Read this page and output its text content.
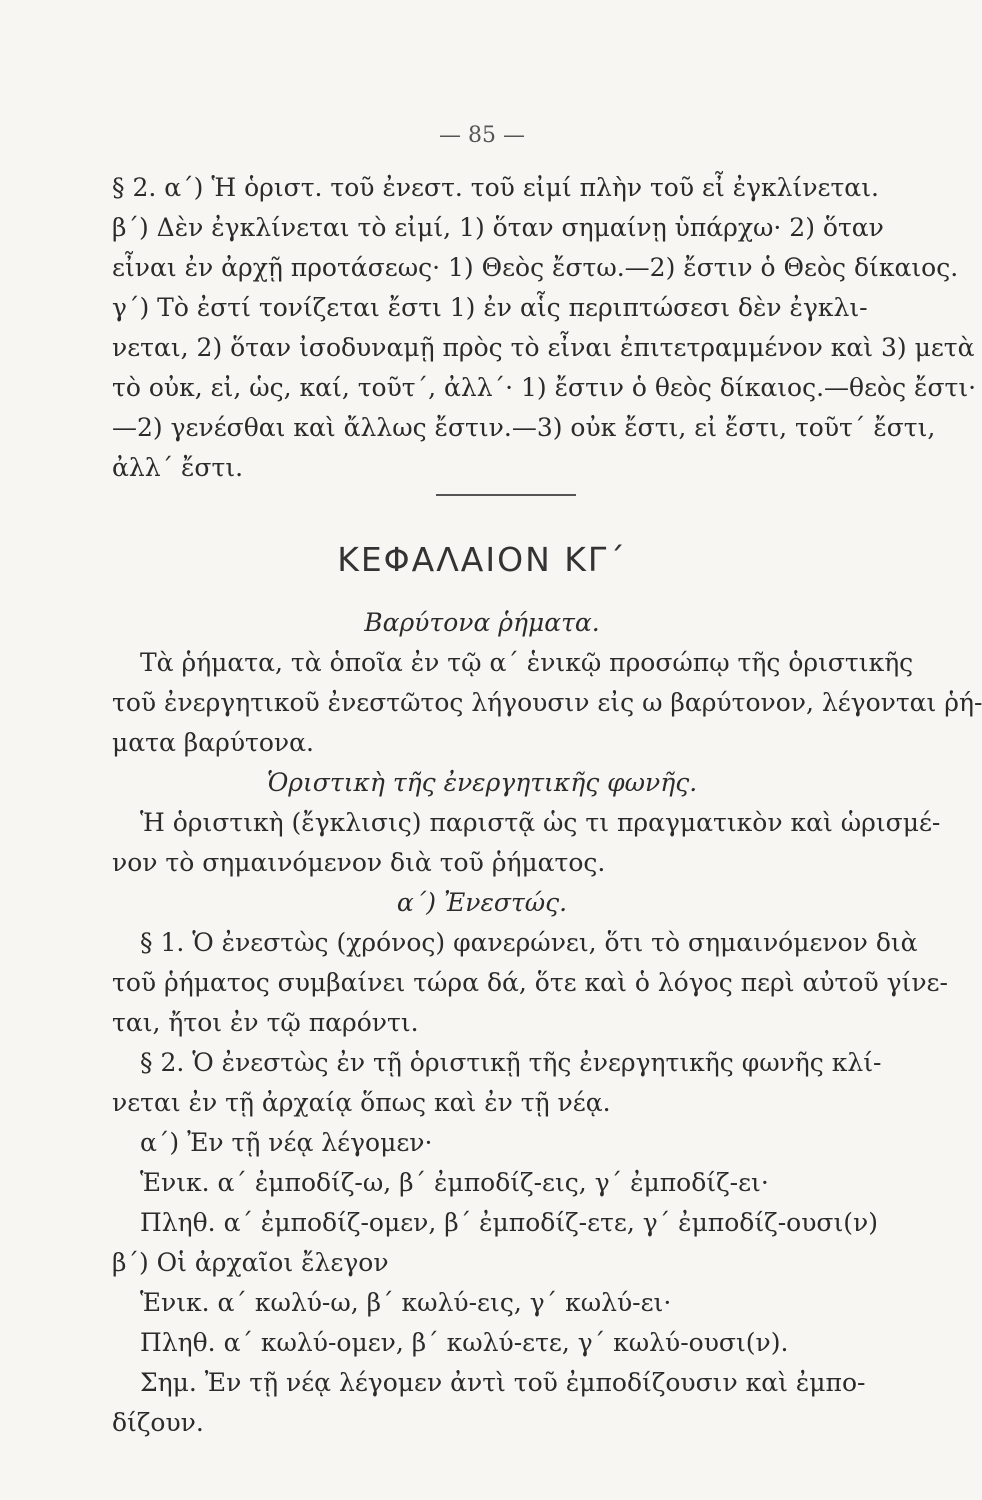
— 85 —
§ 2. α΄) Ἡ ὁριστ. τοῦ ἐνεστ. τοῦ εἰμί πλὴν τοῦ εἶ ἐγκλίνεται.
β΄) Δὲν ἐγκλίνεται τὸ εἰμί, 1) ὅταν σημαίνῃ ὑπάρχω· 2) ὅταν
εἶναι ἐν ἀρχῇ προτάσεως· 1) Θεὸς ἔστω.—2) ἔστιν ὁ Θεὸς δίκαιος.
γ΄) Τὸ ἐστί τονίζεται ἔστι 1) ἐν αἷς περιπτώσεσι δὲν ἐγκλι-
νεται, 2) ὅταν ἰσοδυναμῇ πρὸς τὸ εἶναι ἐπιτετραμμένον καὶ 3) μετὰ
τὸ οὐκ, εἰ, ὡς, καί, τοῦτ΄, ἀλλ΄· 1) ἔστιν ὁ θεὸς δίκαιος.—θεὸς ἔστι·
—2) γενέσθαι καὶ ἄλλως ἔστιν.—3) οὐκ ἔστι, εἰ ἔστι, τοῦτ΄ ἔστι,
ἀλλ΄ ἔστι.
ΚΕΦΑΛΑΙΟΝ ΚΓ΄
Βαρύτονα ῥήματα.
Τὰ ῥήματα, τὰ ὁποῖα ἐν τῷ α΄ ἑνικῷ προσώπῳ τῆς ὁριστικῆς
τοῦ ἐνεργητικοῦ ἐνεστῶτος λήγουσιν εἰς ω βαρύτονον, λέγονται ῥή-
ματα βαρύτονα.
Ὁριστικὴ τῆς ἐνεργητικῆς φωνῆς.
Ἡ ὁριστικὴ (ἔγκλισις) παριστᾷ ὡς τι πραγματικὸν καὶ ὡρισμέ-
νον τὸ σημαινόμενον διὰ τοῦ ῥήματος.
α΄) Ἐνεστώς.
§ 1. Ὁ ἐνεστὼς (χρόνος) φανερώνει, ὅτι τὸ σημαινόμενον διὰ
τοῦ ῥήματος συμβαίνει τώρα δά, ὅτε καὶ ὁ λόγος περὶ αὐτοῦ γίνε-
ται, ἤτοι ἐν τῷ παρόντι.
§ 2. Ὁ ἐνεστὼς ἐν τῇ ὁριστικῇ τῆς ἐνεργητικῆς φωνῆς κλί-
νεται ἐν τῇ ἀρχαίᾳ ὅπως καὶ ἐν τῇ νέᾳ.
α΄) Ἐν τῇ νέᾳ λέγομεν·
Ἑνικ. α΄ ἐμποδίζ-ω, β΄ ἐμποδίζ-εις, γ΄ ἐμποδίζ-ει·
Πληθ. α΄ ἐμποδίζ-ομεν, β΄ ἐμποδίζ-ετε, γ΄ ἐμποδίζ-ουσι(ν)
β΄) Οἱ ἀρχαῖοι ἔλεγον
Ἑνικ. α΄ κωλύ-ω, β΄ κωλύ-εις, γ΄ κωλύ-ει·
Πληθ. α΄ κωλύ-ομεν, β΄ κωλύ-ετε, γ΄ κωλύ-ουσι(ν).
Σημ. Ἐν τῇ νέᾳ λέγομεν ἀντὶ τοῦ ἐμποδίζουσιν καὶ ἐμπο-
δίζουν.
